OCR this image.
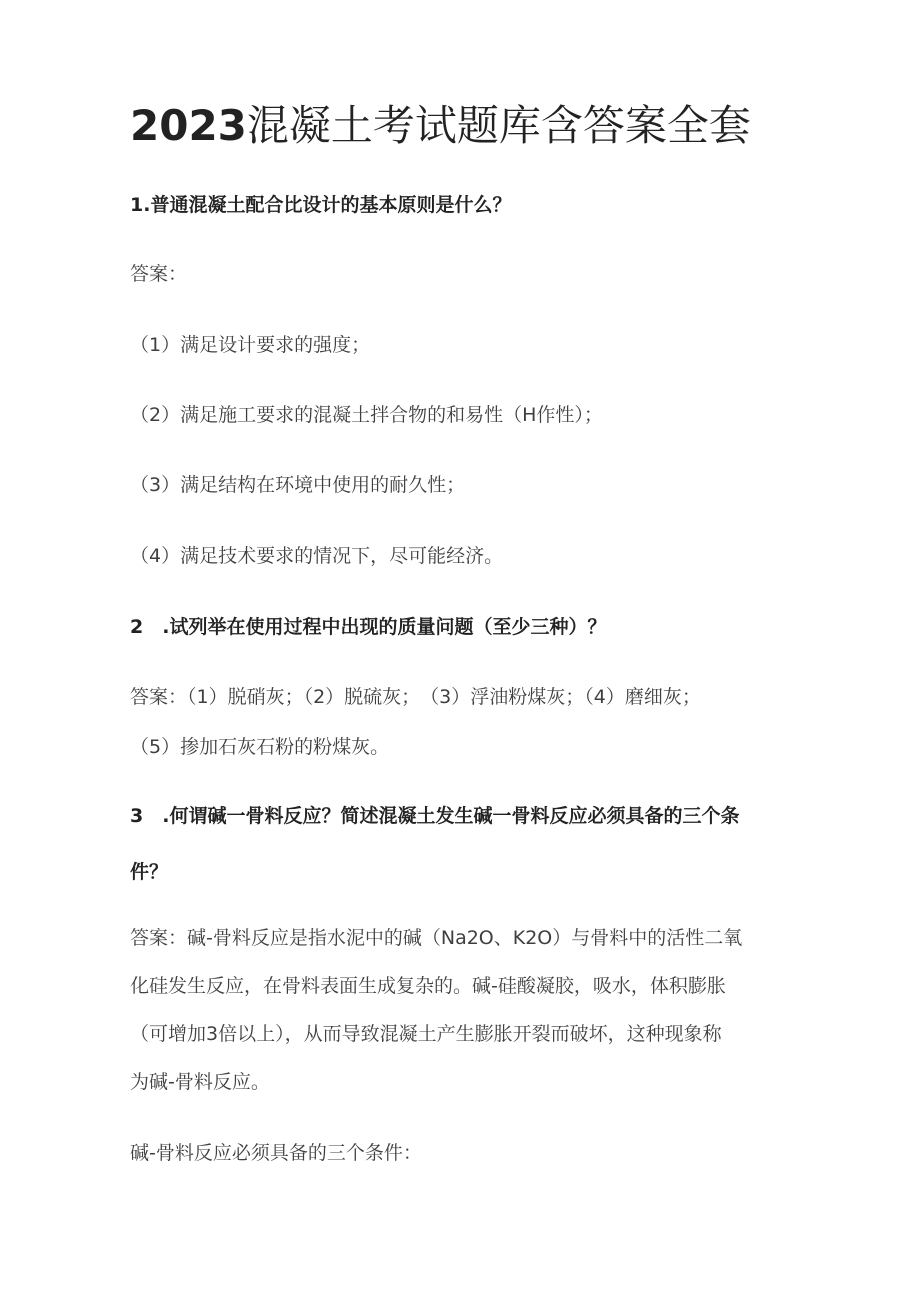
2023混凝土考试题库含答案全套

1.普通混凝土配合比设计的基本原则是什么？

答案：

（1）满足设计要求的强度；

（2）满足施工要求的混凝土拌合物的和易性（H作性）；

（3）满足结构在环境中使用的耐久性；

（4）满足技术要求的情况下，尽可能经济。

2　.试列举在使用过程中出现的质量问题（至少三种）？

答案：（1）脱硝灰；（2）脱硫灰；　（3）浮油粉煤灰；（4）磨细灰；
（5）掺加石灰石粉的粉煤灰。
3　.何谓碱一骨料反应？简述混凝土发生碱一骨料反应必须具备的三个条
件？
答案：碱-骨料反应是指水泥中的碱（Na2O、K2O）与骨料中的活性二氧
化硅发生反应，在骨料表面生成复杂的。碱-硅酸凝胶，吸水，体积膨胀
（可增加3倍以上），从而导致混凝土产生膨胀开裂而破坏，这种现象称
为碱-骨料反应。

碱-骨料反应必须具备的三个条件：
